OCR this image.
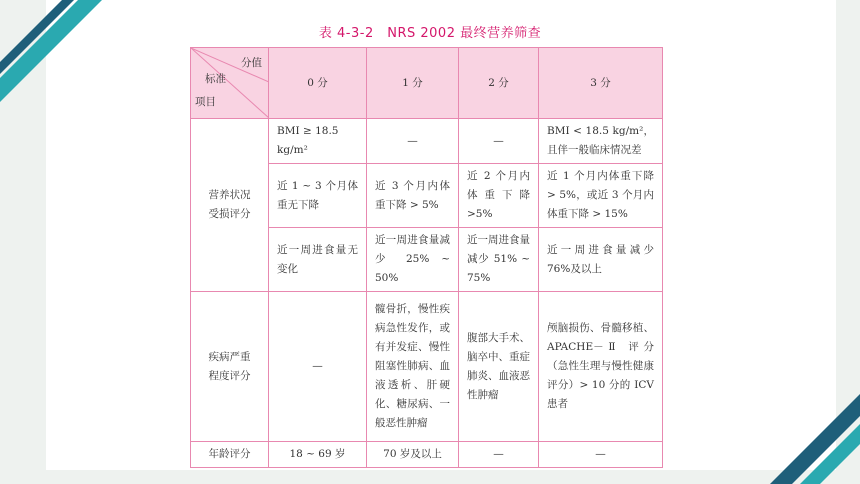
表 4-3-2　NRS 2002 最终营养筛查
分值
标准
项目	0 分	1 分	2 分	3 分
营养状况受损评分	BMI ≥ 18.5 kg/m²	—	—	BMI < 18.5 kg/m²，且伴一般临床情况差
	近 1 ~ 3 个月体重无下降	近 3 个月内体重下降 > 5%	近 2 个月内体重下降 >5%	近 1 个月内体重下降 > 5%，或近 3 个月内体重下降 > 15%
	近一周进食量无变化	近一周进食量减少 25% ~ 50%	近一周进食量减少 51% ~ 75%	近一周进食量减少 76%及以上
疾病严重程度评分	—	髋骨折，慢性疾病急性发作，或有并发症、慢性阻塞性肺病、血液透析、肝硬化、糖尿病、一般恶性肿瘤	腹部大手术、脑卒中、重症肺炎、血液恶性肿瘤	颅脑损伤、骨髓移植、APACHE－Ⅱ 评分（急性生理与慢性健康评分）> 10 分的 ICV 患者
年龄评分	18 ~ 69 岁	70 岁及以上	—	—
